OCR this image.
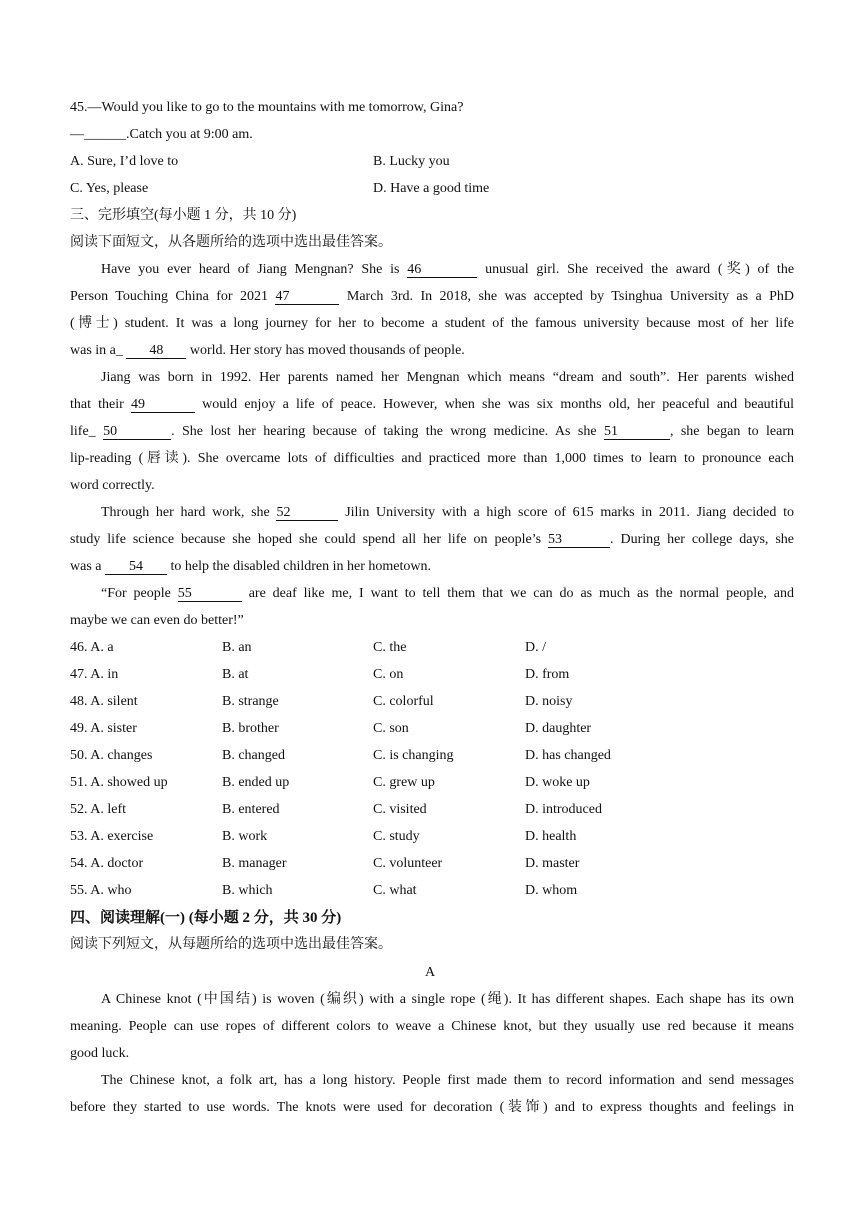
45.—Would you like to go to the mountains with me tomorrow, Gina?
—______.Catch you at 9:00 am.
A. Sure, I’d love to	B. Lucky you
C. Yes, please	D. Have a good time
三、完形填空(每小题 1 分，共 10 分)
阅读下面短文，从各题所给的选项中选出最佳答案。
Have you ever heard of Jiang Mengnan? She is 46	unusual girl. She received the award (奖) of the
Person Touching China for 2021 47	March 3rd. In 2018, she was accepted by Tsinghua University as a PhD
(博士) student. It was a long journey for her to become a student of the famous university because most of her life
was in a_ 48 world. Her story has moved thousands of people.
Jiang was born in 1992. Her parents named her Mengnan which means “dream and south”. Her parents wished
that their 49	would enjoy a life of peace. However, when she was six months old, her peaceful and beautiful
life_ 50	. She lost her hearing because of taking the wrong medicine. As she 51	, she began to learn
lip-reading (唇读). She overcame lots of difficulties and practiced more than 1,000 times to learn to pronounce each
word correctly.
Through her hard work, she 52	Jilin University with a high score of 615 marks in 2011. Jiang decided to
study life science because she hoped she could spend all her life on people’s 53	. During her college days, she
was a 54 to help the disabled children in her hometown.
“For people 55	are deaf like me, I want to tell them that we can do as much as the normal people, and
maybe we can even do better!”
46. A. a	B. an	C. the	D. /
47. A. in	B. at	C. on	D. from
48. A. silent	B. strange	C. colorful	D. noisy
49. A. sister	B. brother	C. son	D. daughter
50. A. changes	B. changed	C. is changing	D. has changed
51. A. showed up	B. ended up	C. grew up	D. woke up
52. A. left	B. entered	C. visited	D. introduced
53. A. exercise	B. work	C. study	D. health
54. A. doctor	B. manager	C. volunteer	D. master
55. A. who	B. which	C. what	D. whom
四、阅读理解(一) (每小题 2 分，共 30 分)
阅读下列短文，从每题所给的选项中选出最佳答案。
A
A Chinese knot (中国结) is woven (编织) with a single rope (绳). It has different shapes. Each shape has its own
meaning. People can use ropes of different colors to weave a Chinese knot, but they usually use red because it means
good luck.
The Chinese knot, a folk art, has a long history. People first made them to record information and send messages
before they started to use words. The knots were used for decoration (装饰) and to express thoughts and feelings in
